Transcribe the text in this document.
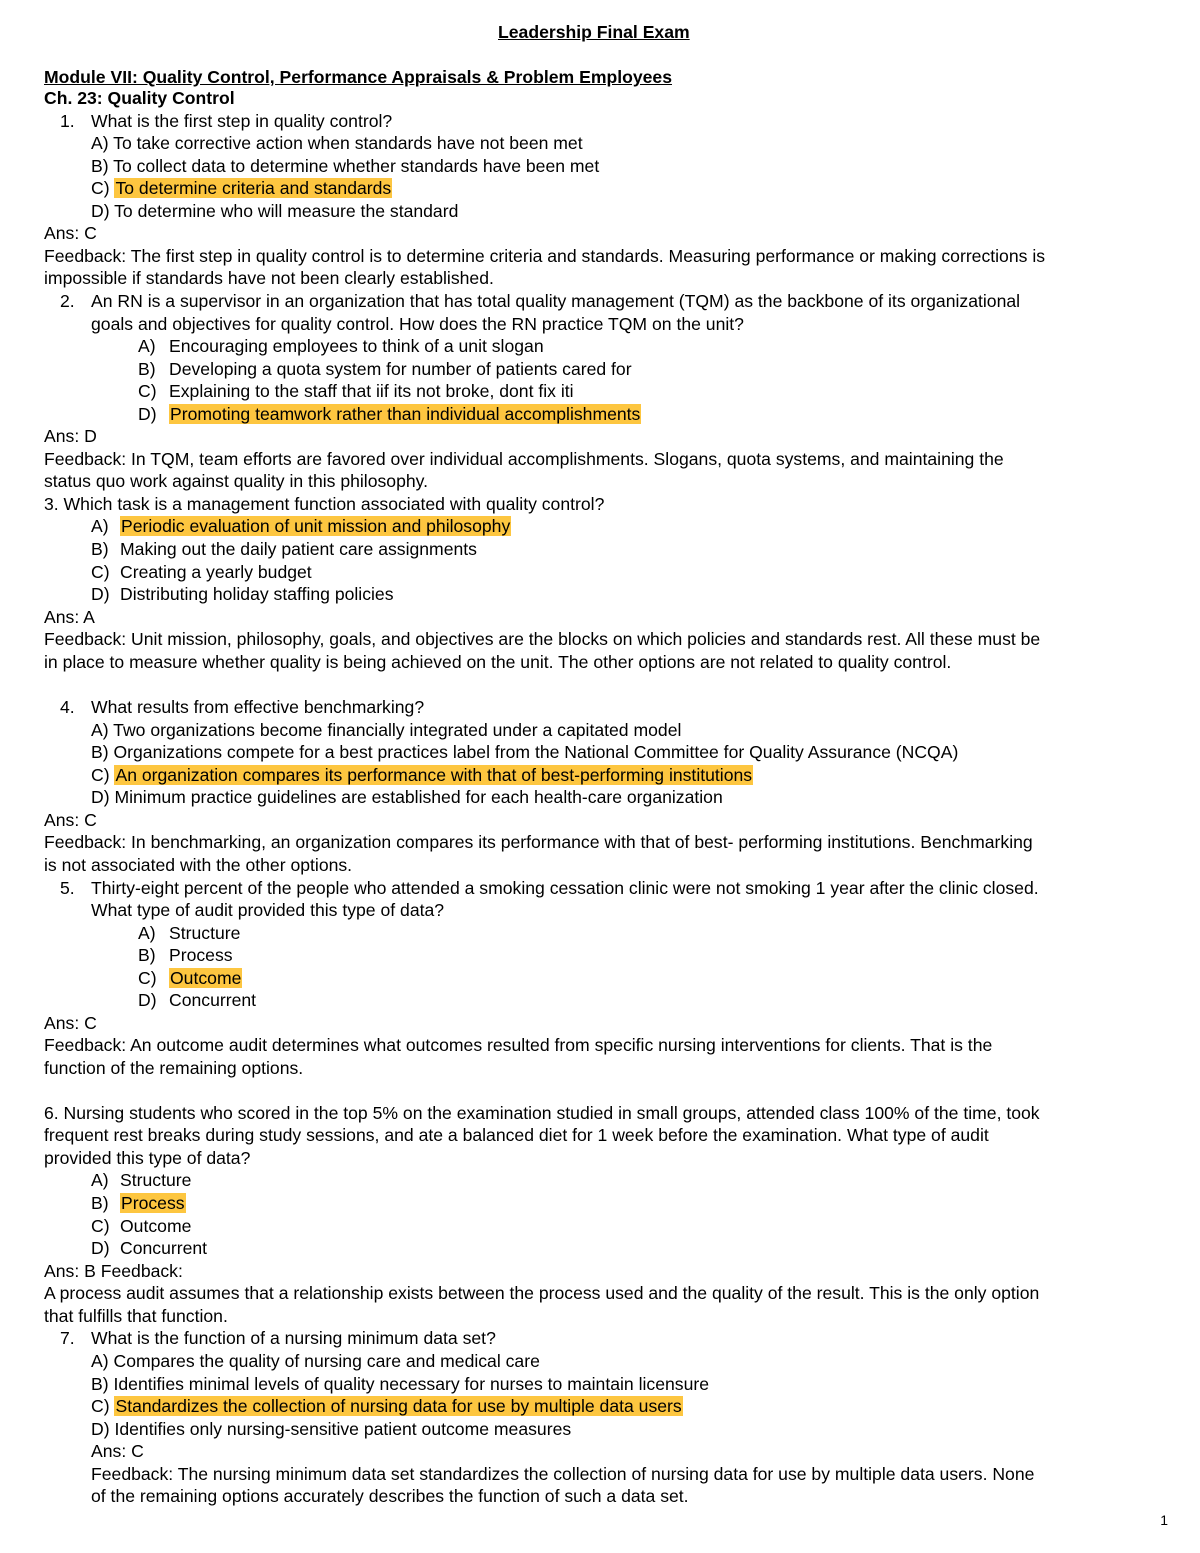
Leadership Final Exam
Module VII: Quality Control, Performance Appraisals & Problem Employees
Ch. 23: Quality Control
1. What is the first step in quality control?
A) To take corrective action when standards have not been met
B) To collect data to determine whether standards have been met
C) To determine criteria and standards
D) To determine who will measure the standard
Ans: C
Feedback: The first step in quality control is to determine criteria and standards. Measuring performance or making corrections is
impossible if standards have not been clearly established.
2. An RN is a supervisor in an organization that has total quality management (TQM) as the backbone of its organizational
goals and objectives for quality control. How does the RN practice TQM on the unit?
A) Encouraging employees to think of a unit slogan
B) Developing a quota system for number of patients cared for
C) Explaining to the staff that iif its not broke, dont fix iti
D) Promoting teamwork rather than individual accomplishments
Ans: D
Feedback: In TQM, team efforts are favored over individual accomplishments. Slogans, quota systems, and maintaining the
status quo work against quality in this philosophy.
3. Which task is a management function associated with quality control?
A) Periodic evaluation of unit mission and philosophy
B) Making out the daily patient care assignments
C) Creating a yearly budget
D) Distributing holiday staffing policies
Ans: A
Feedback: Unit mission, philosophy, goals, and objectives are the blocks on which policies and standards rest. All these must be
in place to measure whether quality is being achieved on the unit. The other options are not related to quality control.
4. What results from effective benchmarking?
A) Two organizations become financially integrated under a capitated model
B) Organizations compete for a best practices label from the National Committee for Quality Assurance (NCQA)
C) An organization compares its performance with that of best-performing institutions
D) Minimum practice guidelines are established for each health-care organization
Ans: C
Feedback: In benchmarking, an organization compares its performance with that of best- performing institutions. Benchmarking
is not associated with the other options.
5. Thirty-eight percent of the people who attended a smoking cessation clinic were not smoking 1 year after the clinic closed.
What type of audit provided this type of data?
A) Structure
B) Process
C) Outcome
D) Concurrent
Ans: C
Feedback: An outcome audit determines what outcomes resulted from specific nursing interventions for clients. That is the
function of the remaining options.
6. Nursing students who scored in the top 5% on the examination studied in small groups, attended class 100% of the time, took
frequent rest breaks during study sessions, and ate a balanced diet for 1 week before the examination. What type of audit
provided this type of data?
A) Structure
B) Process
C) Outcome
D) Concurrent
Ans: B Feedback:
A process audit assumes that a relationship exists between the process used and the quality of the result. This is the only option
that fulfills that function.
7. What is the function of a nursing minimum data set?
A) Compares the quality of nursing care and medical care
B) Identifies minimal levels of quality necessary for nurses to maintain licensure
C) Standardizes the collection of nursing data for use by multiple data users
D) Identifies only nursing-sensitive patient outcome measures
Ans: C
Feedback: The nursing minimum data set standardizes the collection of nursing data for use by multiple data users. None
of the remaining options accurately describes the function of such a data set.
1
